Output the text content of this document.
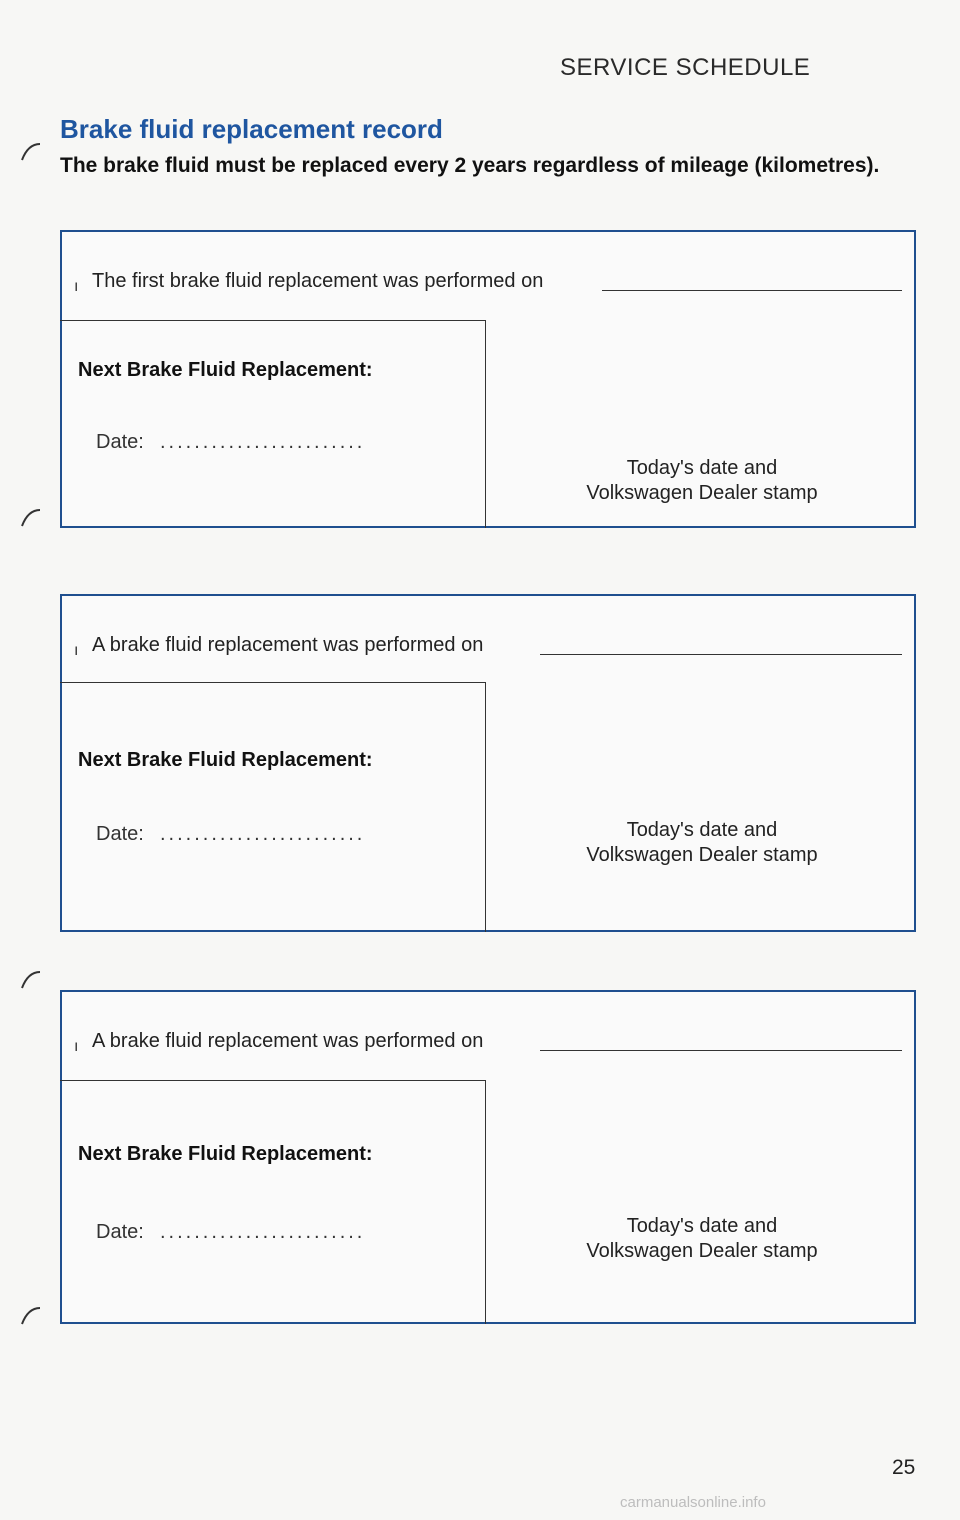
SERVICE SCHEDULE
Brake fluid replacement record
The brake fluid must be replaced every 2 years regardless of mileage (kilometres).
ı The first brake fluid replacement was performed on
Next Brake Fluid Replacement:
Date: ........................
Today's date and
Volkswagen Dealer stamp
ı A brake fluid replacement was performed on
Next Brake Fluid Replacement:
Date: ........................	Today's date and
Volkswagen Dealer stamp
ı A brake fluid replacement was performed on
Next Brake Fluid Replacement:
Date: ........................	Today's date and
Volkswagen Dealer stamp
25
carmanualsonline.info
